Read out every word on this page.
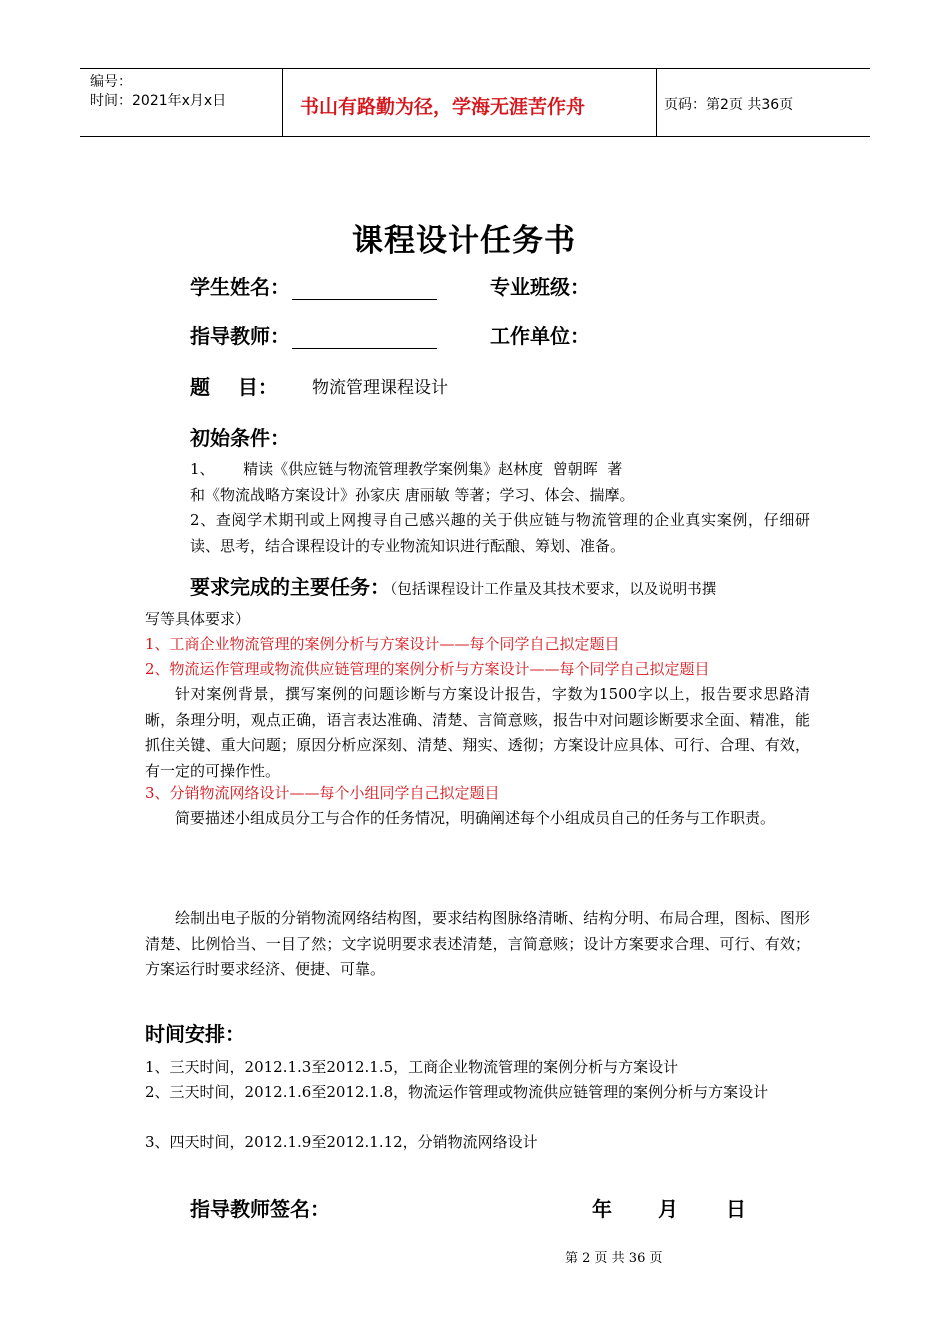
编号：
时间：2021年x月x日	书山有路勤为径，学海无涯苦作舟	页码：第2页 共36页
课程设计任务书
学生姓名：	专业班级：
指导教师：	工作单位：
题    目： 物流管理课程设计
初始条件：
1、      精读《供应链与物流管理教学案例集》赵林度  曾朝晖  著
和《物流战略方案设计》孙家庆 唐丽敏 等著；学习、体会、揣摩。
2、查阅学术期刊或上网搜寻自己感兴趣的关于供应链与物流管理的企业真实案例，仔细研读、思考，结合课程设计的专业物流知识进行酝酿、筹划、准备。
要求完成的主要任务：（包括课程设计工作量及其技术要求，以及说明书撰
写等具体要求）
1、工商企业物流管理的案例分析与方案设计——每个同学自己拟定题目
2、物流运作管理或物流供应链管理的案例分析与方案设计——每个同学自己拟定题目
针对案例背景，撰写案例的问题诊断与方案设计报告，字数为1500字以上，报告要求思路清晰，条理分明，观点正确，语言表达准确、清楚、言简意赅，报告中对问题诊断要求全面、精准，能抓住关键、重大问题；原因分析应深刻、清楚、翔实、透彻；方案设计应具体、可行、合理、有效，有一定的可操作性。
3、分销物流网络设计——每个小组同学自己拟定题目
简要描述小组成员分工与合作的任务情况，明确阐述每个小组成员自己的任务与工作职责。
绘制出电子版的分销物流网络结构图，要求结构图脉络清晰、结构分明、布局合理，图标、图形清楚、比例恰当、一目了然；文字说明要求表述清楚，言简意赅；设计方案要求合理、可行、有效；方案运行时要求经济、便捷、可靠。
时间安排：
1、三天时间，2012.1.3至2012.1.5，工商企业物流管理的案例分析与方案设计
2、三天时间，2012.1.6至2012.1.8，物流运作管理或物流供应链管理的案例分析与方案设计
3、四天时间，2012.1.9至2012.1.12，分销物流网络设计
指导教师签名：	年 月 日
第 2 页 共 36 页
